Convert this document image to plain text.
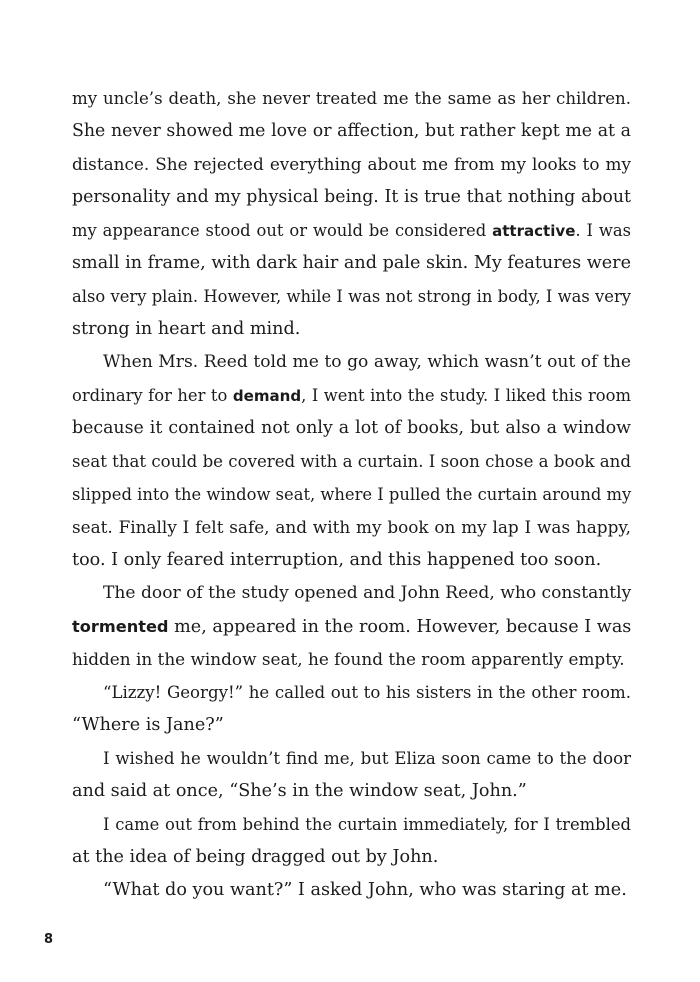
my uncle’s death, she never treated me the same as her children.
She never showed me love or affection, but rather kept me at a
distance. She rejected everything about me from my looks to my
personality and my physical being. It is true that nothing about
my appearance stood out or would be considered attractive. I was
small in frame, with dark hair and pale skin. My features were
also very plain. However, while I was not strong in body, I was very
strong in heart and mind.
When Mrs. Reed told me to go away, which wasn’t out of the
ordinary for her to demand, I went into the study. I liked this room
because it contained not only a lot of books, but also a window
seat that could be covered with a curtain. I soon chose a book and
slipped into the window seat, where I pulled the curtain around my
seat. Finally I felt safe, and with my book on my lap I was happy,
too. I only feared interruption, and this happened too soon.
The door of the study opened and John Reed, who constantly
tormented me, appeared in the room. However, because I was
hidden in the window seat, he found the room apparently empty.
“Lizzy! Georgy!” he called out to his sisters in the other room.
“Where is Jane?”
I wished he wouldn’t find me, but Eliza soon came to the door
and said at once, “She’s in the window seat, John.”
I came out from behind the curtain immediately, for I trembled
at the idea of being dragged out by John.
“What do you want?” I asked John, who was staring at me.
8
